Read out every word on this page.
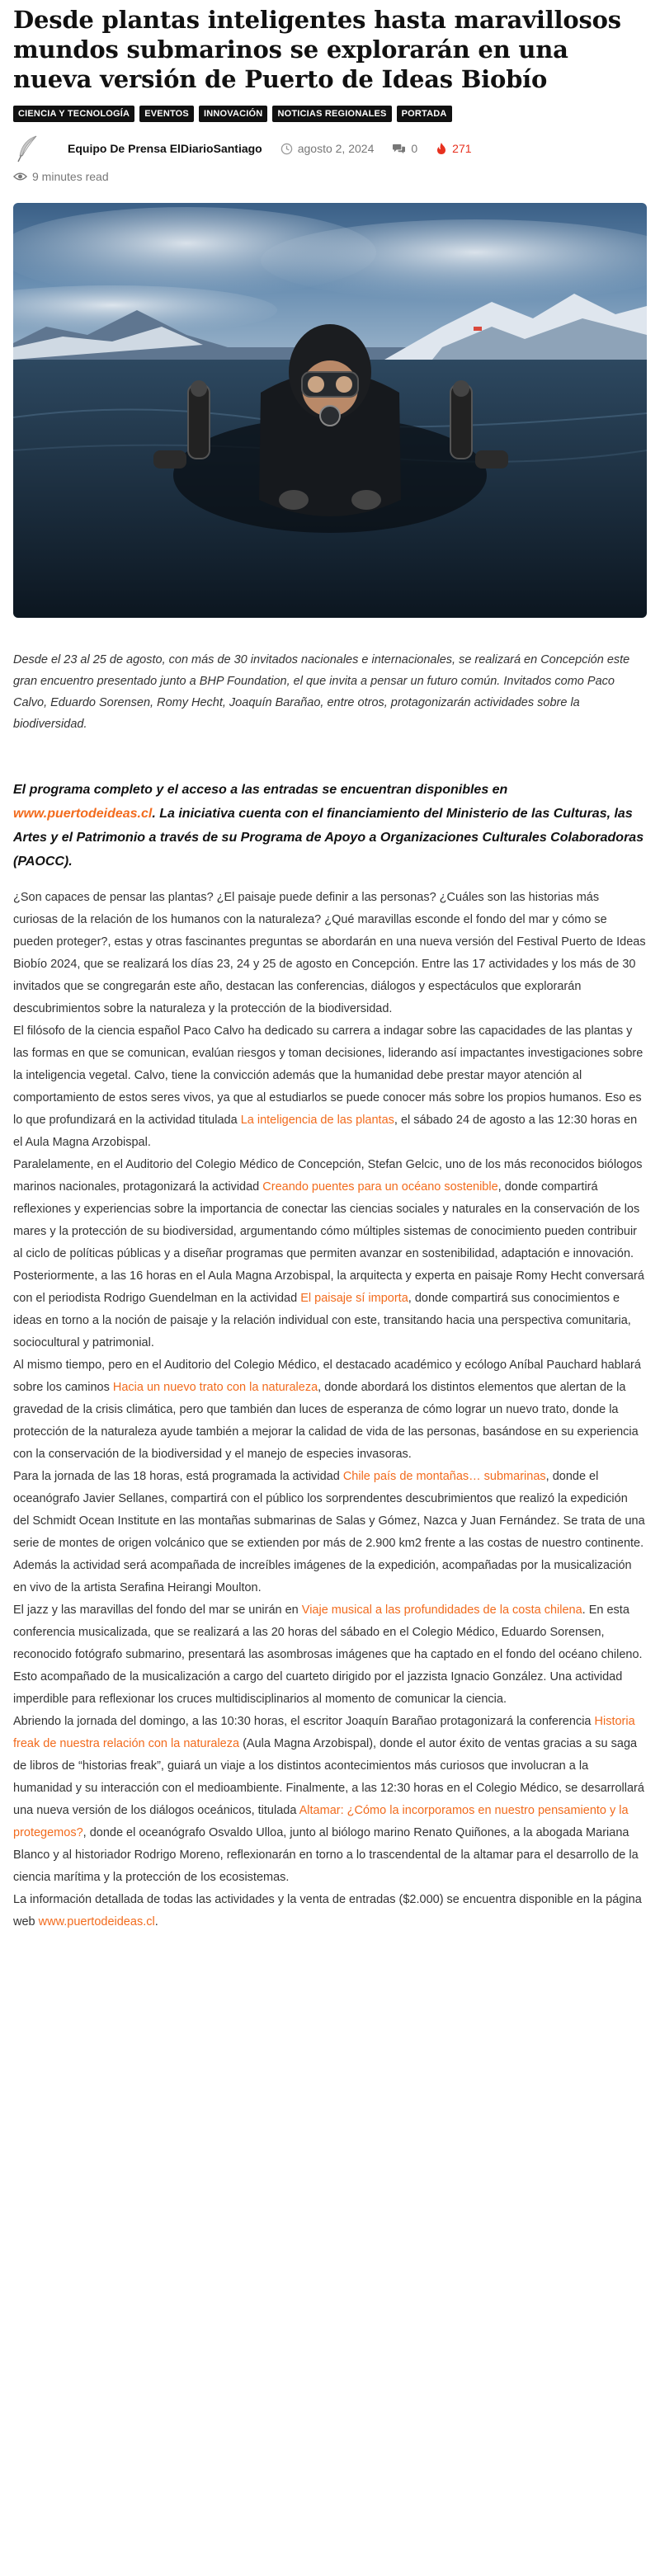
Desde plantas inteligentes hasta maravillosos mundos submarinos se explorarán en una nueva versión de Puerto de Ideas Biobío
CIENCIA Y TECNOLOGÍA	EVENTOS	INNOVACIÓN	NOTICIAS REGIONALES	PORTADA
Equipo De Prensa ElDiarioSantiago	agosto 2, 2024	0	271
9 minutes read

Desde el 23 al 25 de agosto, con más de 30 invitados nacionales e internacionales, se realizará en Concepción este gran encuentro presentado junto a BHP Foundation, el que invita a pensar un futuro común. Invitados como Paco Calvo, Eduardo Sorensen, Romy Hecht, Joaquín Barañao, entre otros, protagonizarán actividades sobre la biodiversidad.

El programa completo y el acceso a las entradas se encuentran disponibles en www.puertodeideas.cl. La iniciativa cuenta con el financiamiento del Ministerio de las Culturas, las Artes y el Patrimonio a través de su Programa de Apoyo a Organizaciones Culturales Colaboradoras (PAOCC).

¿Son capaces de pensar las plantas? ¿El paisaje puede definir a las personas? ¿Cuáles son las historias más curiosas de la relación de los humanos con la naturaleza? ¿Qué maravillas esconde el fondo del mar y cómo se pueden proteger?, estas y otras fascinantes preguntas se abordarán en una nueva versión del Festival Puerto de Ideas Biobío 2024, que se realizará los días 23, 24 y 25 de agosto en Concepción. Entre las 17 actividades y los más de 30 invitados que se congregarán este año, destacan las conferencias, diálogos y espectáculos que explorarán descubrimientos sobre la naturaleza y la protección de la biodiversidad.

El filósofo de la ciencia español Paco Calvo ha dedicado su carrera a indagar sobre las capacidades de las plantas y las formas en que se comunican, evalúan riesgos y toman decisiones, liderando así impactantes investigaciones sobre la inteligencia vegetal. Calvo, tiene la convicción además que la humanidad debe prestar mayor atención al comportamiento de estos seres vivos, ya que al estudiarlos se puede conocer más sobre los propios humanos. Eso es lo que profundizará en la actividad titulada La inteligencia de las plantas, el sábado 24 de agosto a las 12:30 horas en el Aula Magna Arzobispal.

Paralelamente, en el Auditorio del Colegio Médico de Concepción, Stefan Gelcic, uno de los más reconocidos biólogos marinos nacionales, protagonizará la actividad Creando puentes para un océano sostenible, donde compartirá reflexiones y experiencias sobre la importancia de conectar las ciencias sociales y naturales en la conservación de los mares y la protección de su biodiversidad, argumentando cómo múltiples sistemas de conocimiento pueden contribuir al ciclo de políticas públicas y a diseñar programas que permiten avanzar en sostenibilidad, adaptación e innovación.

Posteriormente, a las 16 horas en el Aula Magna Arzobispal, la arquitecta y experta en paisaje Romy Hecht conversará con el periodista Rodrigo Guendelman en la actividad El paisaje sí importa, donde compartirá sus conocimientos e ideas en torno a la noción de paisaje y la relación individual con este, transitando hacia una perspectiva comunitaria, sociocultural y patrimonial.

Al mismo tiempo, pero en el Auditorio del Colegio Médico, el destacado académico y ecólogo Aníbal Pauchard hablará sobre los caminos Hacia un nuevo trato con la naturaleza, donde abordará los distintos elementos que alertan de la gravedad de la crisis climática, pero que también dan luces de esperanza de cómo lograr un nuevo trato, donde la protección de la naturaleza ayude también a mejorar la calidad de vida de las personas, basándose en su experiencia con la conservación de la biodiversidad y el manejo de especies invasoras.

Para la jornada de las 18 horas, está programada la actividad Chile país de montañas… submarinas, donde el oceanógrafo Javier Sellanes, compartirá con el público los sorprendentes descubrimientos que realizó la expedición del Schmidt Ocean Institute en las montañas submarinas de Salas y Gómez, Nazca y Juan Fernández. Se trata de una serie de montes de origen volcánico que se extienden por más de 2.900 km2 frente a las costas de nuestro continente. Además la actividad será acompañada de increíbles imágenes de la expedición, acompañadas por la musicalización en vivo de la artista Serafina Heirangi Moulton.

El jazz y las maravillas del fondo del mar se unirán en Viaje musical a las profundidades de la costa chilena. En esta conferencia musicalizada, que se realizará a las 20 horas del sábado en el Colegio Médico, Eduardo Sorensen, reconocido fotógrafo submarino, presentará las asombrosas imágenes que ha captado en el fondo del océano chileno. Esto acompañado de la musicalización a cargo del cuarteto dirigido por el jazzista Ignacio González. Una actividad imperdible para reflexionar los cruces multidisciplinarios al momento de comunicar la ciencia.

Abriendo la jornada del domingo, a las 10:30 horas, el escritor Joaquín Barañao protagonizará la conferencia Historia freak de nuestra relación con la naturaleza (Aula Magna Arzobispal), donde el autor éxito de ventas gracias a su saga de libros de “historias freak”, guiará un viaje a los distintos acontecimientos más curiosos que involucran a la humanidad y su interacción con el medioambiente. Finalmente, a las 12:30 horas en el Colegio Médico, se desarrollará una nueva versión de los diálogos oceánicos, titulada Altamar: ¿Cómo la incorporamos en nuestro pensamiento y la protegemos?, donde el oceanógrafo Osvaldo Ulloa, junto al biólogo marino Renato Quiñones, a la abogada Mariana Blanco y al historiador Rodrigo Moreno, reflexionarán en torno a lo trascendental de la altamar para el desarrollo de la ciencia marítima y la protección de los ecosistemas.

La información detallada de todas las actividades y la venta de entradas ($2.000) se encuentra disponible en la página web www.puertodeideas.cl.
